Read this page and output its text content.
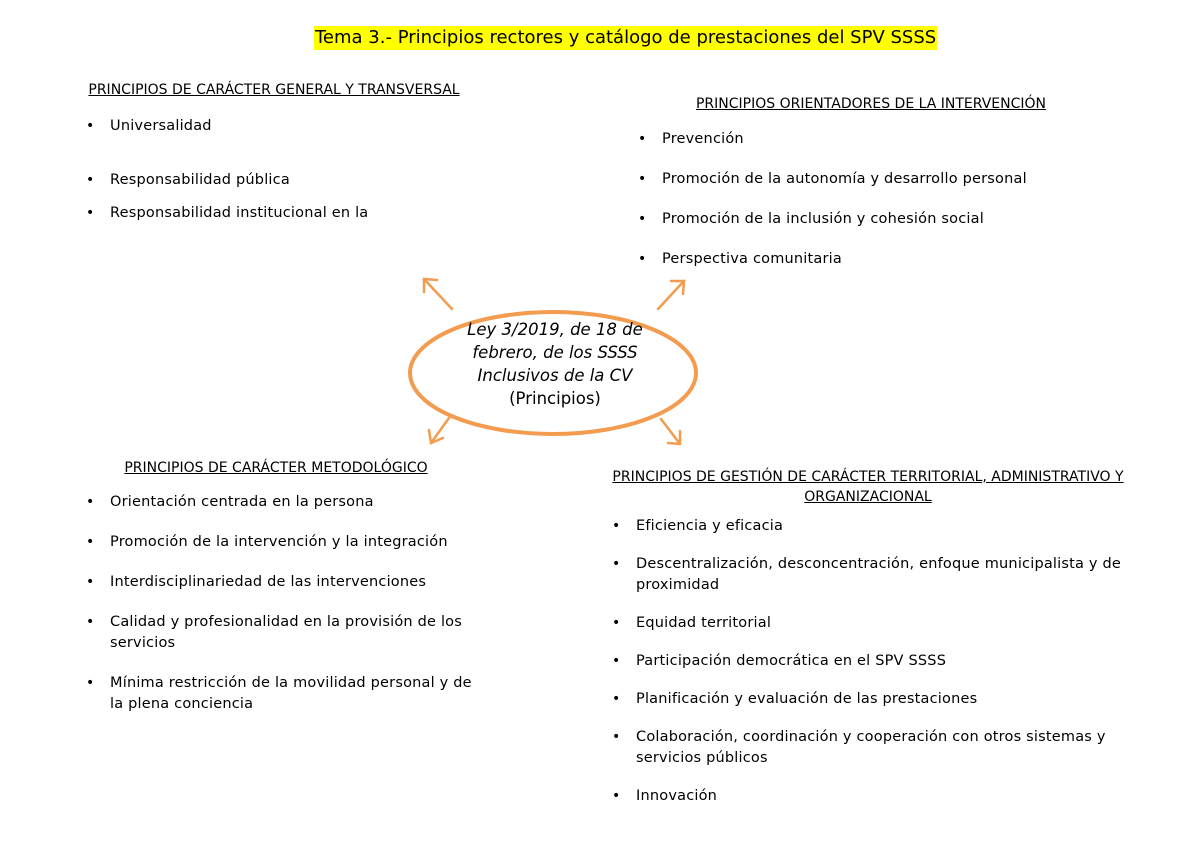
Tema 3.- Principios rectores y catálogo de prestaciones del SPV SSSS
Ley 3/2019, de 18 de febrero, de los SSSS Inclusivos de la CV (Principios)

PRINCIPIOS DE CARÁCTER GENERAL Y TRANSVERSAL

• Universalidad
• Responsabilidad pública
• Responsabilidad institucional en la

PRINCIPIOS ORIENTADORES DE LA INTERVENCIÓN

• Prevención
• Promoción de la autonomía y desarrollo personal
• Promoción de la inclusión y cohesión social
• Perspectiva comunitaria

PRINCIPIOS DE CARÁCTER METODOLÓGICO

• Orientación centrada en la persona
• Promoción de la intervención y la integración
• Interdisciplinariedad de las intervenciones
• Calidad y profesionalidad en la provisión de los servicios
• Mínima restricción de la movilidad personal y de la plena conciencia

PRINCIPIOS DE GESTIÓN DE CARÁCTER TERRITORIAL, ADMINISTRATIVO Y ORGANIZACIONAL

• Eficiencia y eficacia
• Descentralización, desconcentración, enfoque municipalista y de proximidad
• Equidad territorial
• Participación democrática en el SPV SSSS
• Planificación y evaluación de las prestaciones
• Colaboración, coordinación y cooperación con otros sistemas y servicios públicos
• Innovación
